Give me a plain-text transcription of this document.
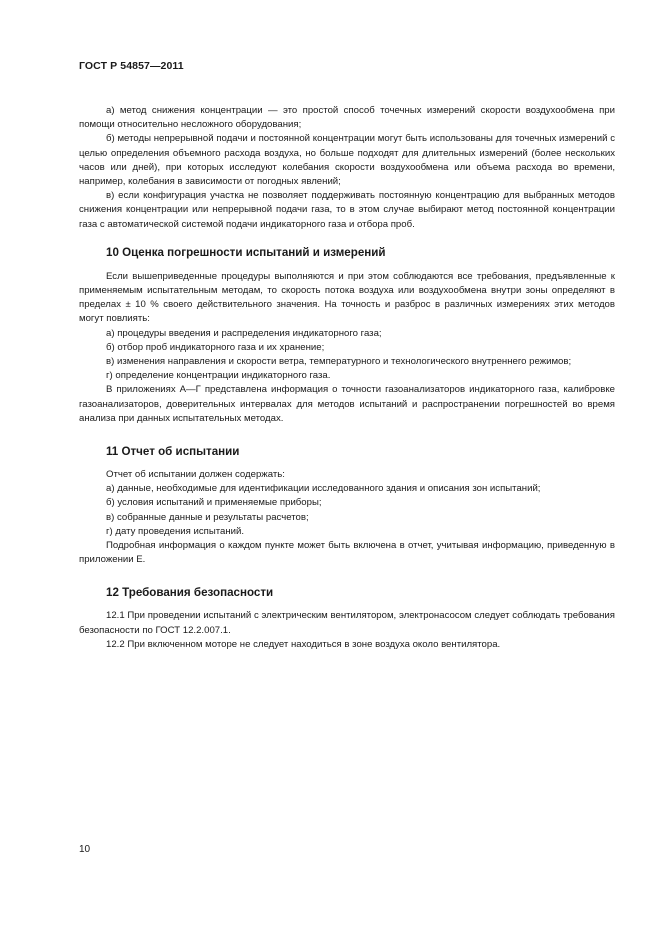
ГОСТ Р 54857—2011

а) метод снижения концентрации — это простой способ точечных измерений скорости воздухообмена при помощи относительно несложного оборудования;

б) методы непрерывной подачи и постоянной концентрации могут быть использованы для точечных измерений с целью определения объемного расхода воздуха, но больше подходят для длительных измерений (более нескольких часов или дней), при которых исследуют колебания скорости воздухообмена или объема расхода во времени, например, колебания в зависимости от погодных явлений;

в) если конфигурация участка не позволяет поддерживать постоянную концентрацию для выбранных методов снижения концентрации или непрерывной подачи газа, то в этом случае выбирают метод постоянной концентрации газа с автоматической системой подачи индикаторного газа и отбора проб.

10 Оценка погрешности испытаний и измерений

Если вышеприведенные процедуры выполняются и при этом соблюдаются все требования, предъявленные к применяемым испытательным методам, то скорость потока воздуха или воздухообмена внутри зоны определяют в пределах ± 10 % своего действительного значения. На точность и разброс в различных измерениях этих методов могут повлиять:

а) процедуры введения и распределения индикаторного газа;

б) отбор проб индикаторного газа и их хранение;

в) изменения направления и скорости ветра, температурного и технологического внутреннего режимов;

г) определение концентрации индикаторного газа.

В приложениях А—Г представлена информация о точности газоанализаторов индикаторного газа, калибровке газоанализаторов, доверительных интервалах для методов испытаний и распространении погрешностей во время анализа при данных испытательных методах.

11 Отчет об испытании

Отчет об испытании должен содержать:

а) данные, необходимые для идентификации исследованного здания и описания зон испытаний;

б) условия испытаний и применяемые приборы;

в) собранные данные и результаты расчетов;

г) дату проведения испытаний.

Подробная информация о каждом пункте может быть включена в отчет, учитывая информацию, приведенную в приложении Е.

12 Требования безопасности

12.1 При проведении испытаний с электрическим вентилятором, электронасосом следует соблюдать требования безопасности по ГОСТ 12.2.007.1.

12.2 При включенном моторе не следует находиться в зоне воздуха около вентилятора.

10
